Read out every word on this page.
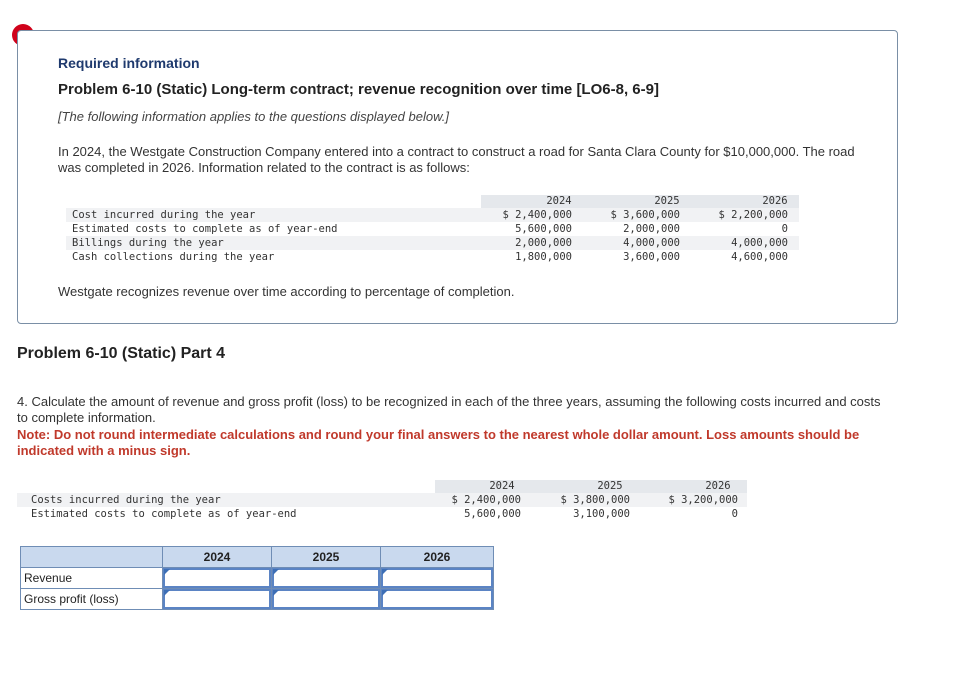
Required information
Problem 6-10 (Static) Long-term contract; revenue recognition over time [LO6-8, 6-9]
[The following information applies to the questions displayed below.]
In 2024, the Westgate Construction Company entered into a contract to construct a road for Santa Clara County for $10,000,000. The road was completed in 2026. Information related to the contract is as follows:
2024	2025	2026
Cost incurred during the year	$ 2,400,000	$ 3,600,000	$ 2,200,000
Estimated costs to complete as of year-end	5,600,000	2,000,000	0
Billings during the year	2,000,000	4,000,000	4,000,000
Cash collections during the year	1,800,000	3,600,000	4,600,000
Westgate recognizes revenue over time according to percentage of completion.
Problem 6-10 (Static) Part 4
4. Calculate the amount of revenue and gross profit (loss) to be recognized in each of the three years, assuming the following costs incurred and costs to complete information.
Note: Do not round intermediate calculations and round your final answers to the nearest whole dollar amount. Loss amounts should be indicated with a minus sign.
2024	2025	2026
Costs incurred during the year	$ 2,400,000	$ 3,800,000	$ 3,200,000
Estimated costs to complete as of year-end	5,600,000	3,100,000	0
	2024	2025	2026
Revenue	

Gross profit (loss)	
